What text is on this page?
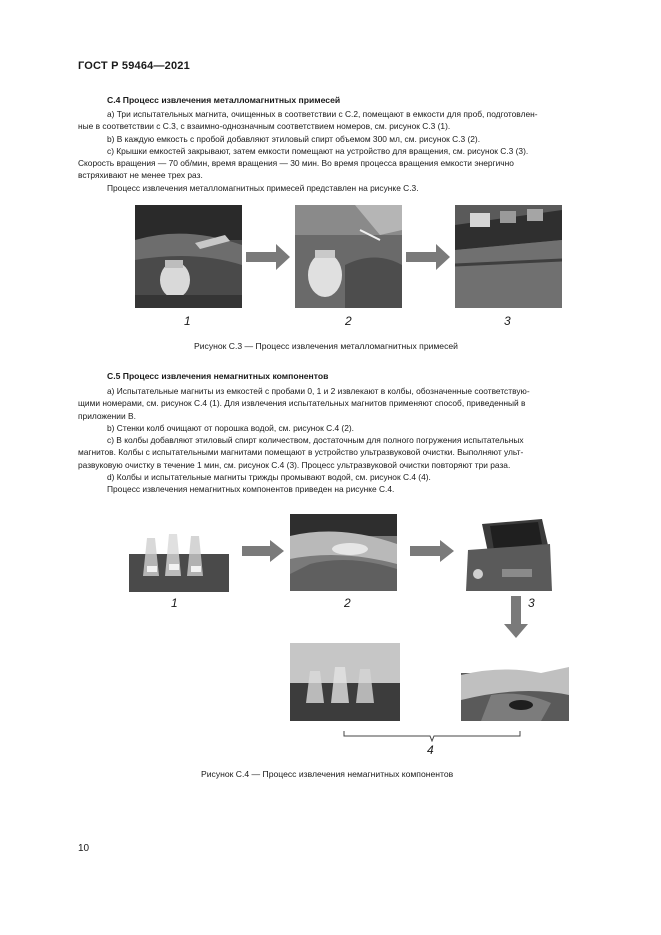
ГОСТ Р 59464—2021
С.4 Процесс извлечения металломагнитных примесей
а) Три испытательных магнита, очищенных в соответствии с С.2, помещают в емкости для проб, подготовлен-
ные в соответствии с С.3, с взаимно-однозначным соответствием номеров, см. рисунок С.3 (1).
b) В каждую емкость с пробой добавляют этиловый спирт объемом 300 мл, см. рисунок С.3 (2).
c) Крышки емкостей закрывают, затем емкости помещают на устройство для вращения, см. рисунок С.3 (3).
Скорость вращения — 70 об/мин, время вращения — 30 мин. Во время процесса вращения емкости энергично
встряхивают не менее трех раз.
Процесс извлечения металломагнитных примесей представлен на рисунке С.3.
1	2	3
Рисунок С.3 — Процесс извлечения металломагнитных примесей
С.5 Процесс извлечения немагнитных компонентов
а) Испытательные магниты из емкостей с пробами 0, 1 и 2 извлекают в колбы, обозначенные соответствую-
щими номерами, см. рисунок С.4 (1). Для извлечения испытательных магнитов применяют способ, приведенный в
приложении В.
b) Стенки колб очищают от порошка водой, см. рисунок С.4 (2).
c) В колбы добавляют этиловый спирт количеством, достаточным для полного погружения испытательных
магнитов. Колбы с испытательными магнитами помещают в устройство ультразвуковой очистки. Выполняют ульт-
развуковую очистку в течение 1 мин, см. рисунок С.4 (3). Процесс ультразвуковой очистки повторяют три раза.
d) Колбы и испытательные магниты трижды промывают водой, см. рисунок С.4 (4).
Процесс извлечения немагнитных компонентов приведен на рисунке С.4.
1	2	3
4
Рисунок С.4 — Процесс извлечения немагнитных компонентов
10
